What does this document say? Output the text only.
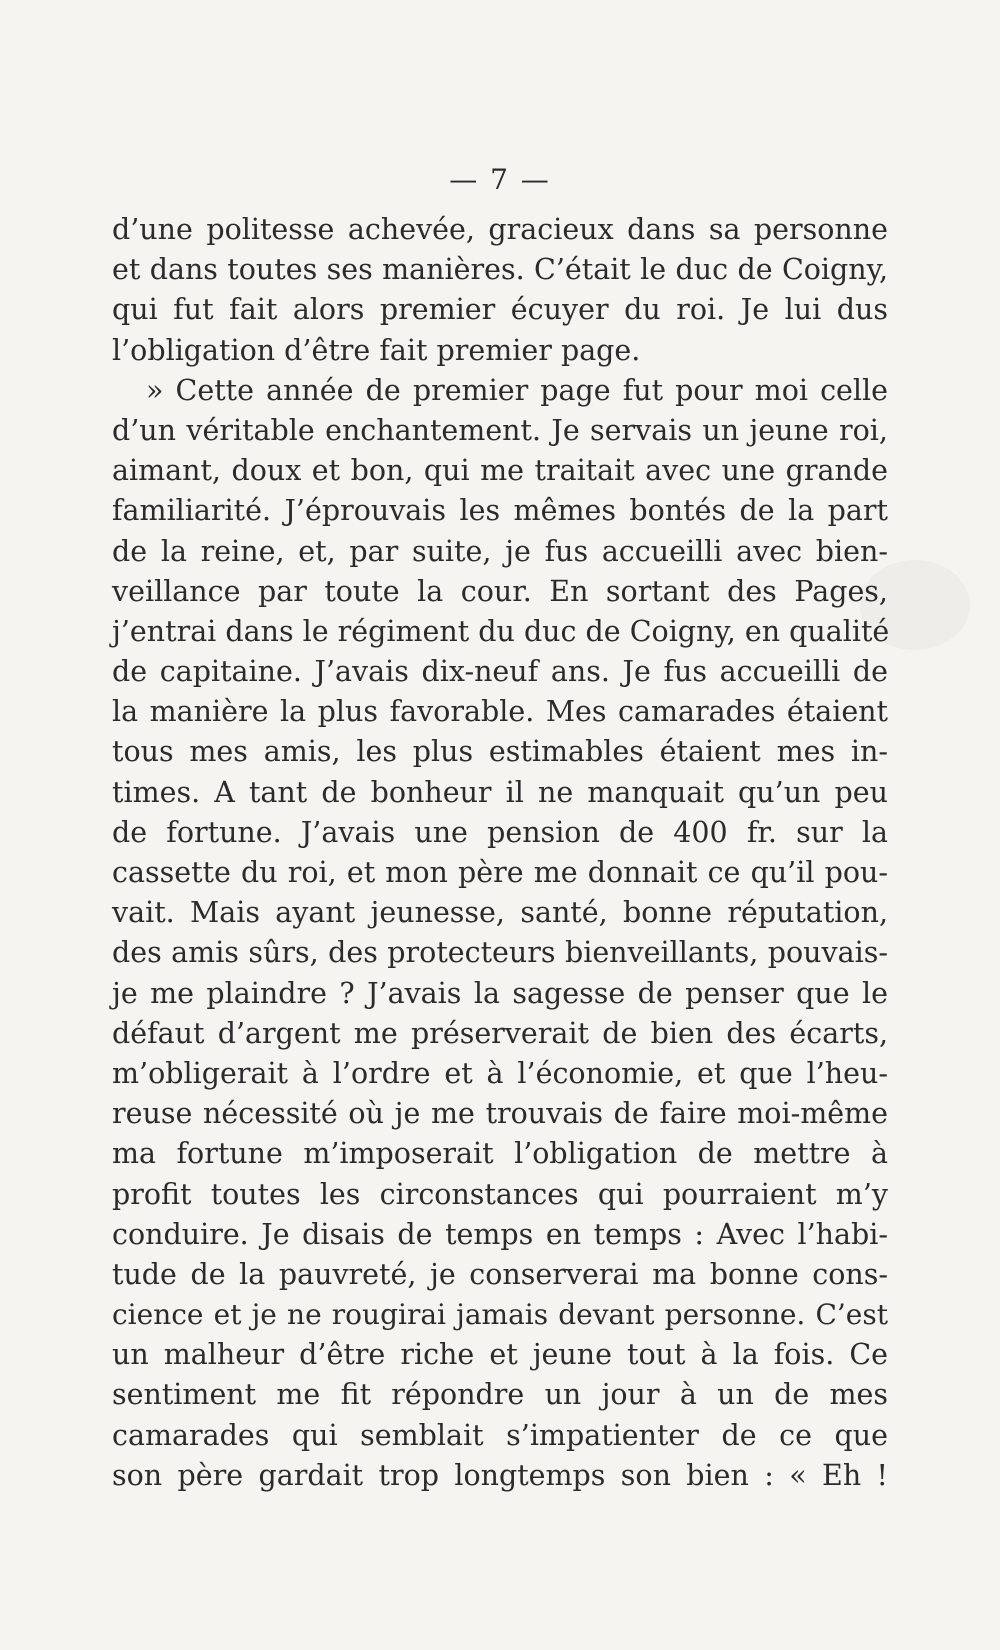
— 7 —
d’une politesse achevée, gracieux dans sa personne
et dans toutes ses manières. C’était le duc de Coigny,
qui fut fait alors premier écuyer du roi. Je lui dus
l’obligation d’être fait premier page.
» Cette année de premier page fut pour moi celle
d’un véritable enchantement. Je servais un jeune roi,
aimant, doux et bon, qui me traitait avec une grande
familiarité. J’éprouvais les mêmes bontés de la part
de la reine, et, par suite, je fus accueilli avec bien-
veillance par toute la cour. En sortant des Pages,
j’entrai dans le régiment du duc de Coigny, en qualité
de capitaine. J’avais dix-neuf ans. Je fus accueilli de
la manière la plus favorable. Mes camarades étaient
tous mes amis, les plus estimables étaient mes in-
times. A tant de bonheur il ne manquait qu’un peu
de fortune. J’avais une pension de 400 fr. sur la
cassette du roi, et mon père me donnait ce qu’il pou-
vait. Mais ayant jeunesse, santé, bonne réputation,
des amis sûrs, des protecteurs bienveillants, pouvais-
je me plaindre ? J’avais la sagesse de penser que le
défaut d’argent me préserverait de bien des écarts,
m’obligerait à l’ordre et à l’économie, et que l’heu-
reuse nécessité où je me trouvais de faire moi-même
ma fortune m’imposerait l’obligation de mettre à
profit toutes les circonstances qui pourraient m’y
conduire. Je disais de temps en temps : Avec l’habi-
tude de la pauvreté, je conserverai ma bonne cons-
cience et je ne rougirai jamais devant personne. C’est
un malheur d’être riche et jeune tout à la fois. Ce
sentiment me fit répondre un jour à un de mes
camarades qui semblait s’impatienter de ce que
son père gardait trop longtemps son bien : « Eh !
